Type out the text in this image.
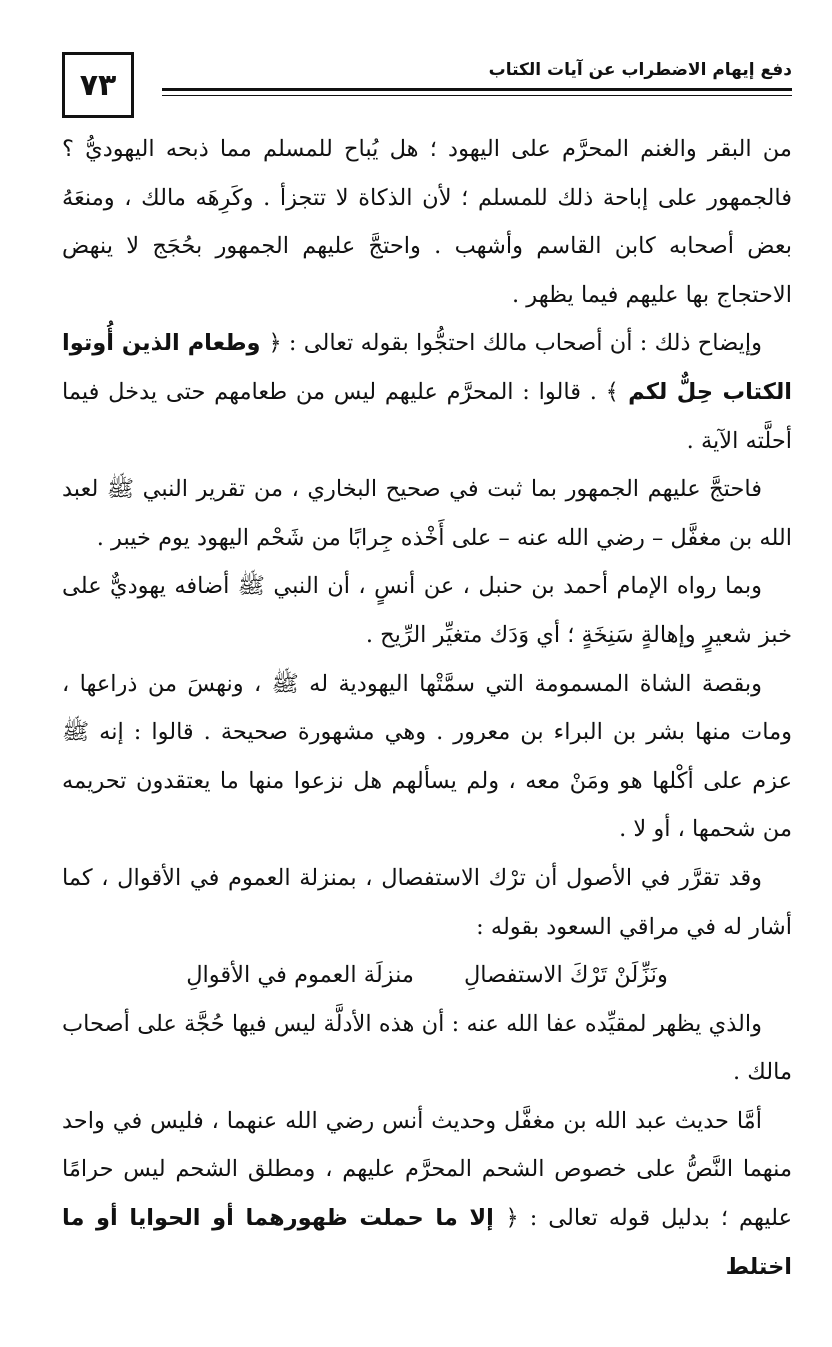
٧٣	دفع إيهام الاضطراب عن آيات الكتاب

من البقر والغنم المحرَّم على اليهود ؛ هل يُباح للمسلم مما ذبحه اليهوديُّ ؟ فالجمهور على إباحة ذلك للمسلم ؛ لأن الذكاة لا تتجزأ . وكَرِهَه مالك ، ومنعَهُ بعض أصحابه كابن القاسم وأشهب . واحتجَّ عليهم الجمهور بحُجَج لا ينهض الاحتجاج بها عليهم فيما يظهر .

وإيضاح ذلك : أن أصحاب مالك احتجُّوا بقوله تعالى : ﴿ وطعام الذين أُوتوا الكتاب حِلٌّ لكم ﴾ . قالوا : المحرَّم عليهم ليس من طعامهم حتى يدخل فيما أحلَّته الآية .

فاحتجَّ عليهم الجمهور بما ثبت في صحيح البخاري ، من تقرير النبي ﷺ لعبد الله بن مغفَّل – رضي الله عنه – على أَخْذه جِرابًا من شَحْم اليهود يوم خيبر .

وبما رواه الإمام أحمد بن حنبل ، عن أنسٍ ، أن النبي ﷺ أضافه يهوديٌّ على خبز شعيرٍ وإهالةٍ سَنِخَةٍ ؛ أي وَدَك متغيِّر الرِّيح .

وبقصة الشاة المسمومة التي سمَّتْها اليهودية له ﷺ ، ونهسَ من ذراعها ، ومات منها بشر بن البراء بن معرور . وهي مشهورة صحيحة . قالوا : إنه ﷺ عزم على أكْلها هو ومَنْ معه ، ولم يسألهم هل نزعوا منها ما يعتقدون تحريمه من شحمها ، أو لا .

وقد تقرَّر في الأصول أن ترْك الاستفصال ، بمنزلة العموم في الأقوال ، كما أشار له في مراقي السعود بقوله :

ونَزِّلَنْ تَرْكَ الاستفصالِ
منزلَة العموم في الأقوالِ

والذي يظهر لمقيِّده عفا الله عنه : أن هذه الأدلَّة ليس فيها حُجَّة على أصحاب مالك .

أمَّا حديث عبد الله بن مغفَّل وحديث أنس رضي الله عنهما ، فليس في واحد منهما النَّصُّ على خصوص الشحم المحرَّم عليهم ، ومطلق الشحم ليس حرامًا عليهم ؛ بدليل قوله تعالى : ﴿ إلا ما حملت ظهورهما أو الحوايا أو ما اختلط
